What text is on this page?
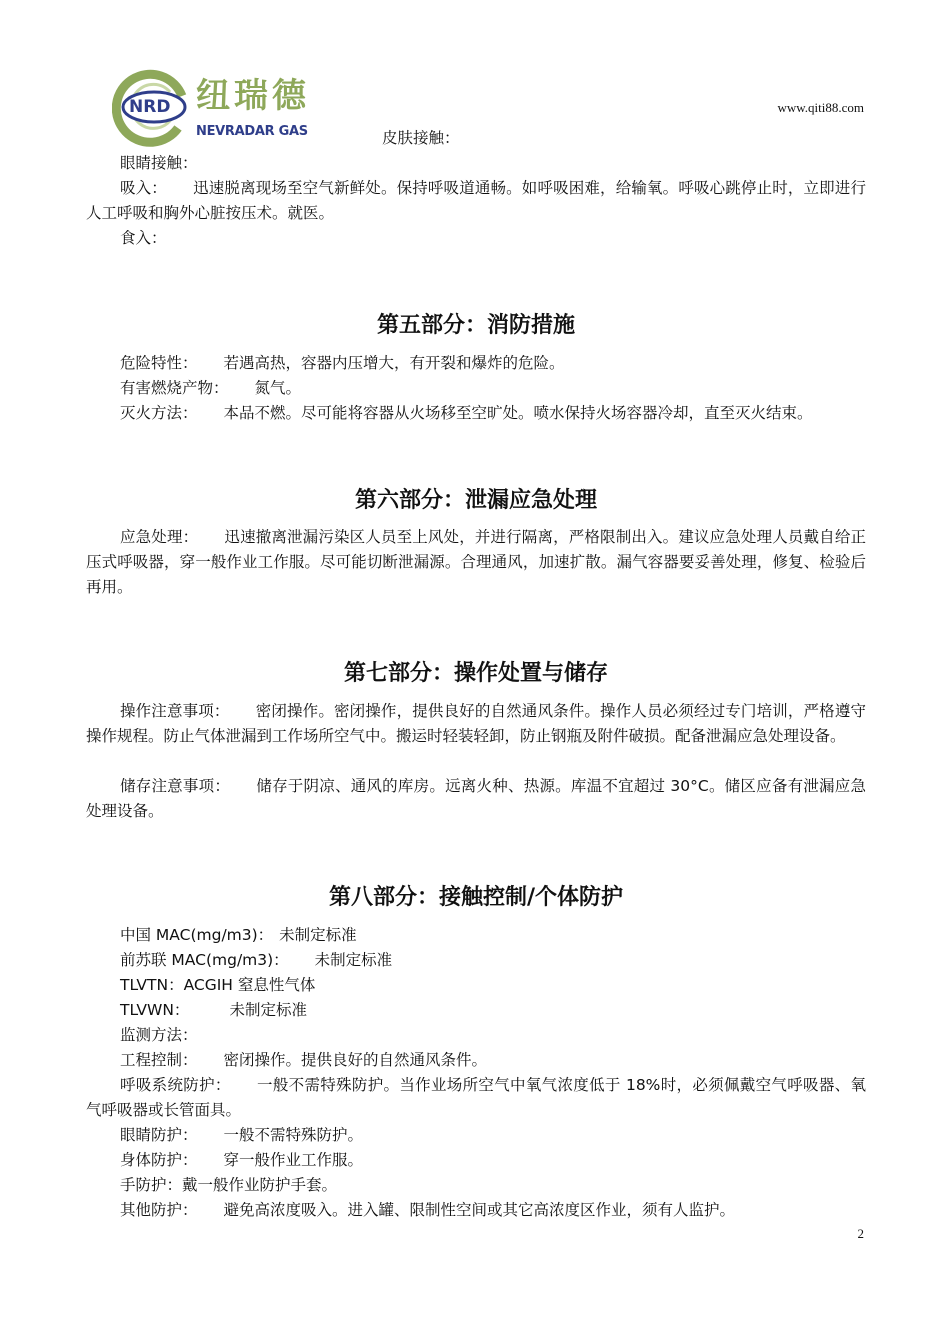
NRD 纽瑞德
NEVRADAR GAS
www.qiti88.com
皮肤接触：
眼睛接触：
吸入： 迅速脱离现场至空气新鲜处。保持呼吸道通畅。如呼吸困难，给输氧。呼吸心跳停止时，立即进行人工呼吸和胸外心脏按压术。就医。
食入：
第五部分：消防措施
危险特性： 若遇高热，容器内压增大，有开裂和爆炸的危险。
有害燃烧产物： 氮气。
灭火方法： 本品不燃。尽可能将容器从火场移至空旷处。喷水保持火场容器冷却，直至灭火结束。
第六部分：泄漏应急处理
应急处理： 迅速撤离泄漏污染区人员至上风处，并进行隔离，严格限制出入。建议应急处理人员戴自给正压式呼吸器，穿一般作业工作服。尽可能切断泄漏源。合理通风，加速扩散。漏气容器要妥善处理，修复、检验后再用。
第七部分：操作处置与储存
操作注意事项： 密闭操作。密闭操作，提供良好的自然通风条件。操作人员必须经过专门培训，严格遵守操作规程。防止气体泄漏到工作场所空气中。搬运时轻装轻卸，防止钢瓶及附件破损。配备泄漏应急处理设备。
储存注意事项： 储存于阴凉、通风的库房。远离火种、热源。库温不宜超过 30°C。储区应备有泄漏应急处理设备。
第八部分：接触控制/个体防护
中国 MAC(mg/m3)： 未制定标准
前苏联 MAC(mg/m3)： 未制定标准
TLVTN：ACGIH 窒息性气体
TLVWN：	未制定标准
监测方法：
工程控制： 密闭操作。提供良好的自然通风条件。
呼吸系统防护： 一般不需特殊防护。当作业场所空气中氧气浓度低于 18%时，必须佩戴空气呼吸器、氧气呼吸器或长管面具。
眼睛防护： 一般不需特殊防护。
身体防护： 穿一般作业工作服。
手防护：戴一般作业防护手套。
其他防护： 避免高浓度吸入。进入罐、限制性空间或其它高浓度区作业，须有人监护。
2
